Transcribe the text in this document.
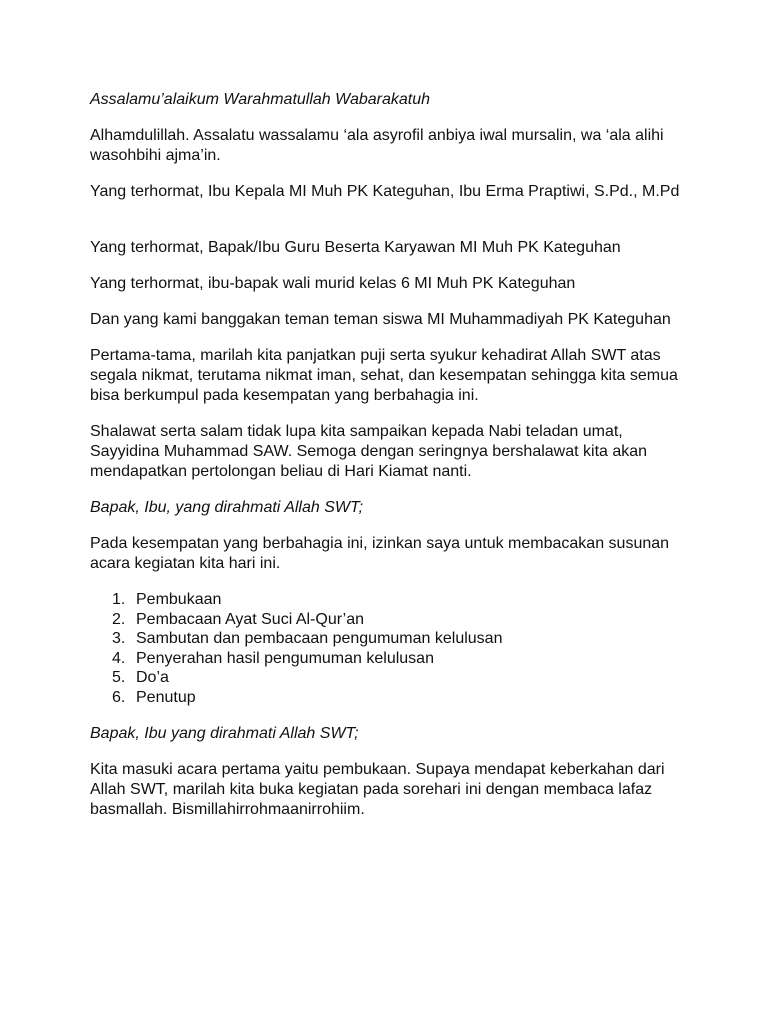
Assalamu’alaikum Warahmatullah Wabarakatuh

Alhamdulillah. Assalatu wassalamu ‘ala asyrofil anbiya iwal mursalin, wa ‘ala alihi wasohbihi ajma’in.

Yang terhormat, Ibu Kepala MI Muh PK Kateguhan, Ibu Erma Praptiwi, S.Pd., M.Pd

Yang terhormat, Bapak/Ibu Guru Beserta Karyawan MI Muh PK Kateguhan

Yang terhormat, ibu-bapak wali murid kelas 6 MI Muh PK Kateguhan

Dan yang kami banggakan teman teman siswa MI Muhammadiyah PK Kateguhan

Pertama-tama, marilah kita panjatkan puji serta syukur kehadirat Allah SWT atas segala nikmat, terutama nikmat iman, sehat, dan kesempatan sehingga kita semua bisa berkumpul pada kesempatan yang berbahagia ini.

Shalawat serta salam tidak lupa kita sampaikan kepada Nabi teladan umat, Sayyidina Muhammad SAW. Semoga dengan seringnya bershalawat kita akan mendapatkan pertolongan beliau di Hari Kiamat nanti.

Bapak, Ibu, yang dirahmati Allah SWT;

Pada kesempatan yang berbahagia ini, izinkan saya untuk membacakan susunan acara kegiatan kita hari ini.

1. Pembukaan
2. Pembacaan Ayat Suci Al-Qur’an
3. Sambutan dan pembacaan pengumuman kelulusan
4. Penyerahan hasil pengumuman kelulusan
5. Do’a
6. Penutup

Bapak, Ibu yang dirahmati Allah SWT;

Kita masuki acara pertama yaitu pembukaan. Supaya mendapat keberkahan dari Allah SWT, marilah kita buka kegiatan pada sorehari ini dengan membaca lafaz basmallah. Bismillahirrohmaanirrohiim.
